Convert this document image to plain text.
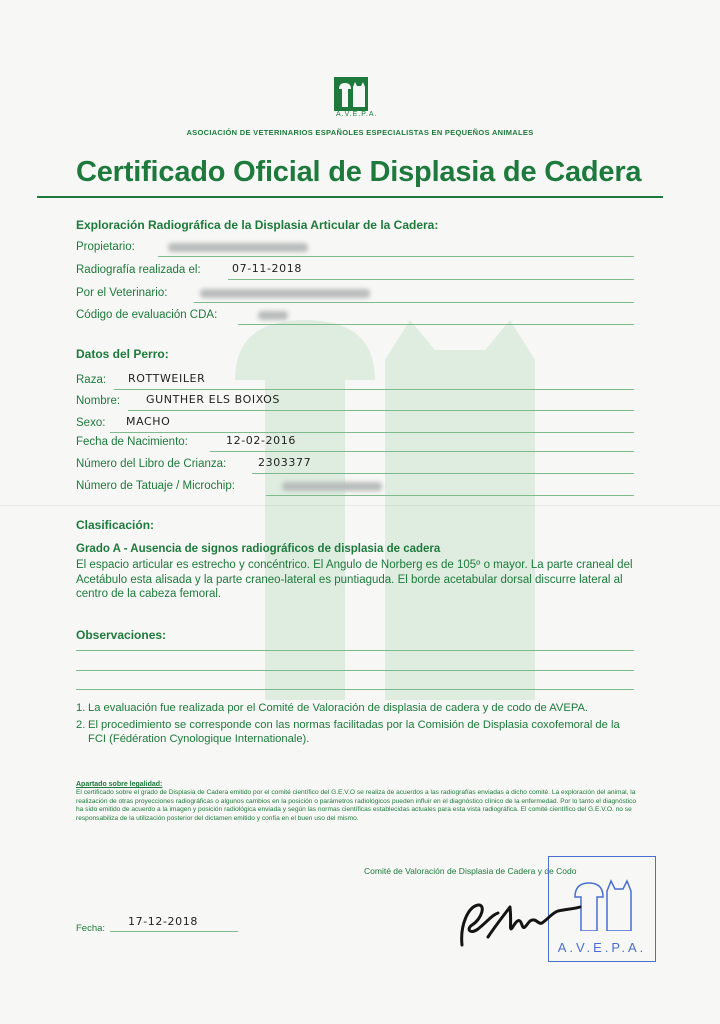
A.V.E.P.A.
ASOCIACIÓN DE VETERINARIOS ESPAÑOLES ESPECIALISTAS EN PEQUEÑOS ANIMALES
Certificado Oficial de Displasia de Cadera
Exploración Radiográfica de la Displasia Articular de la Cadera:
Propietario:
Radiografía realizada el:	07-11-2018
Por el Veterinario:
Código de evaluación CDA:
Datos del Perro:
Raza: ROTTWEILER
Nombre: GUNTHER ELS BOIXOS
Sexo: MACHO
Fecha de Nacimiento:	12-02-2016
Número del Libro de Crianza:	2303377
Número de Tatuaje / Microchip:
Clasificación:
Grado A - Ausencia de signos radiográficos de displasia de cadera
El espacio articular es estrecho y concéntrico. El Angulo de Norberg es de 105º o mayor. La parte craneal del Acetábulo esta alisada y la parte craneo-lateral es puntiaguda. El borde acetabular dorsal discurre lateral al centro de la cabeza femoral.
Observaciones:
1. La evaluación fue realizada por el Comité de Valoración de displasia de cadera y de codo de AVEPA.
2. El procedimiento se corresponde con las normas facilitadas por la Comisión de Displasia coxofemoral de la FCI (Fédération Cynologique Internationale).
Apartado sobre legalidad:
El certificado sobre el grado de Displasia de Cadera emitido por el comité científico del G.E.V.O se realiza de acuerdos a las radiografías enviadas a dicho comité. La exploración del animal, la realización de otras proyecciones radiográficas o algunos cambios en la posición o parámetros radiológicos pueden influir en el diagnóstico clínico de la enfermedad. Por lo tanto el diagnóstico ha sido emitido de acuerdo a la imagen y posición radiológica enviada y según las normas científicas establecidas actuales para esta vista radiográfica. El comité científico del G.E.V.O. no se responsabiliza de la utilización posterior del dictamen emitido y confía en el buen uso del mismo.
Comité de Valoración de Displasia de Cadera y de Codo
A.V.E.P.A.
Fecha:
17-12-2018
